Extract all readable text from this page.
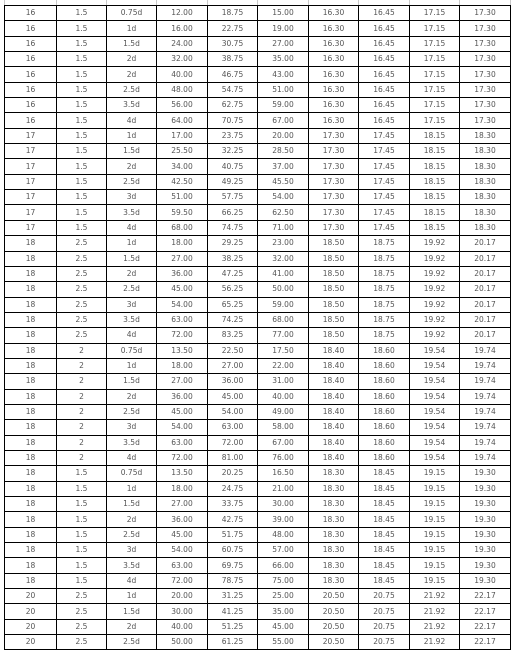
16	1.5	0.75d	12.00	18.75	15.00	16.30	16.45	17.15	17.30
16	1.5	1d	16.00	22.75	19.00	16.30	16.45	17.15	17.30
16	1.5	1.5d	24.00	30.75	27.00	16.30	16.45	17.15	17.30
16	1.5	2d	32.00	38.75	35.00	16.30	16.45	17.15	17.30
16	1.5	2d	40.00	46.75	43.00	16.30	16.45	17.15	17.30
16	1.5	2.5d	48.00	54.75	51.00	16.30	16.45	17.15	17.30
16	1.5	3.5d	56.00	62.75	59.00	16.30	16.45	17.15	17.30
16	1.5	4d	64.00	70.75	67.00	16.30	16.45	17.15	17.30
17	1.5	1d	17.00	23.75	20.00	17.30	17.45	18.15	18.30
17	1.5	1.5d	25.50	32.25	28.50	17.30	17.45	18.15	18.30
17	1.5	2d	34.00	40.75	37.00	17.30	17.45	18.15	18.30
17	1.5	2.5d	42.50	49.25	45.50	17.30	17.45	18.15	18.30
17	1.5	3d	51.00	57.75	54.00	17.30	17.45	18.15	18.30
17	1.5	3.5d	59.50	66.25	62.50	17.30	17.45	18.15	18.30
17	1.5	4d	68.00	74.75	71.00	17.30	17.45	18.15	18.30
18	2.5	1d	18.00	29.25	23.00	18.50	18.75	19.92	20.17
18	2.5	1.5d	27.00	38.25	32.00	18.50	18.75	19.92	20.17
18	2.5	2d	36.00	47.25	41.00	18.50	18.75	19.92	20.17
18	2.5	2.5d	45.00	56.25	50.00	18.50	18.75	19.92	20.17
18	2.5	3d	54.00	65.25	59.00	18.50	18.75	19.92	20.17
18	2.5	3.5d	63.00	74.25	68.00	18.50	18.75	19.92	20.17
18	2.5	4d	72.00	83.25	77.00	18.50	18.75	19.92	20.17
18	2	0.75d	13.50	22.50	17.50	18.40	18.60	19.54	19.74
18	2	1d	18.00	27.00	22.00	18.40	18.60	19.54	19.74
18	2	1.5d	27.00	36.00	31.00	18.40	18.60	19.54	19.74
18	2	2d	36.00	45.00	40.00	18.40	18.60	19.54	19.74
18	2	2.5d	45.00	54.00	49.00	18.40	18.60	19.54	19.74
18	2	3d	54.00	63.00	58.00	18.40	18.60	19.54	19.74
18	2	3.5d	63.00	72.00	67.00	18.40	18.60	19.54	19.74
18	2	4d	72.00	81.00	76.00	18.40	18.60	19.54	19.74
18	1.5	0.75d	13.50	20.25	16.50	18.30	18.45	19.15	19.30
18	1.5	1d	18.00	24.75	21.00	18.30	18.45	19.15	19.30
18	1.5	1.5d	27.00	33.75	30.00	18.30	18.45	19.15	19.30
18	1.5	2d	36.00	42.75	39.00	18.30	18.45	19.15	19.30
18	1.5	2.5d	45.00	51.75	48.00	18.30	18.45	19.15	19.30
18	1.5	3d	54.00	60.75	57.00	18.30	18.45	19.15	19.30
18	1.5	3.5d	63.00	69.75	66.00	18.30	18.45	19.15	19.30
18	1.5	4d	72.00	78.75	75.00	18.30	18.45	19.15	19.30
20	2.5	1d	20.00	31.25	25.00	20.50	20.75	21.92	22.17
20	2.5	1.5d	30.00	41.25	35.00	20.50	20.75	21.92	22.17
20	2.5	2d	40.00	51.25	45.00	20.50	20.75	21.92	22.17
20	2.5	2.5d	50.00	61.25	55.00	20.50	20.75	21.92	22.17
